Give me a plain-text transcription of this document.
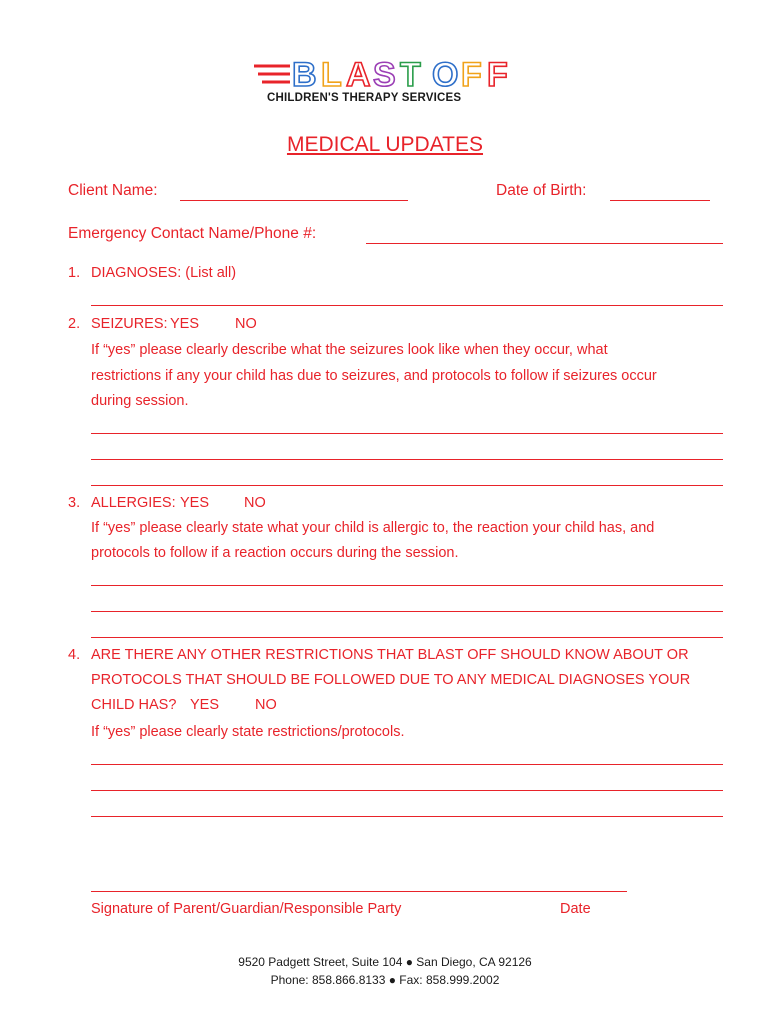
B L A S T O F F
CHILDREN'S THERAPY SERVICES
MEDICAL UPDATES
Client Name:	Date of Birth:
Emergency Contact Name/Phone #:
1. DIAGNOSES: (List all)
2. SEIZURES: YES NO
If “yes” please clearly describe what the seizures look like when they occur, what
restrictions if any your child has due to seizures, and protocols to follow if seizures occur
during session.
3. ALLERGIES: YES NO
If “yes” please clearly state what your child is allergic to, the reaction your child has, and
protocols to follow if a reaction occurs during the session.
4. ARE THERE ANY OTHER RESTRICTIONS THAT BLAST OFF SHOULD KNOW ABOUT OR
PROTOCOLS THAT SHOULD BE FOLLOWED DUE TO ANY MEDICAL DIAGNOSES YOUR
CHILD HAS? YES NO
If “yes” please clearly state restrictions/protocols.
Signature of Parent/Guardian/Responsible Party	Date
9520 Padgett Street, Suite 104 ● San Diego, CA 92126
Phone: 858.866.8133 ● Fax: 858.999.2002
